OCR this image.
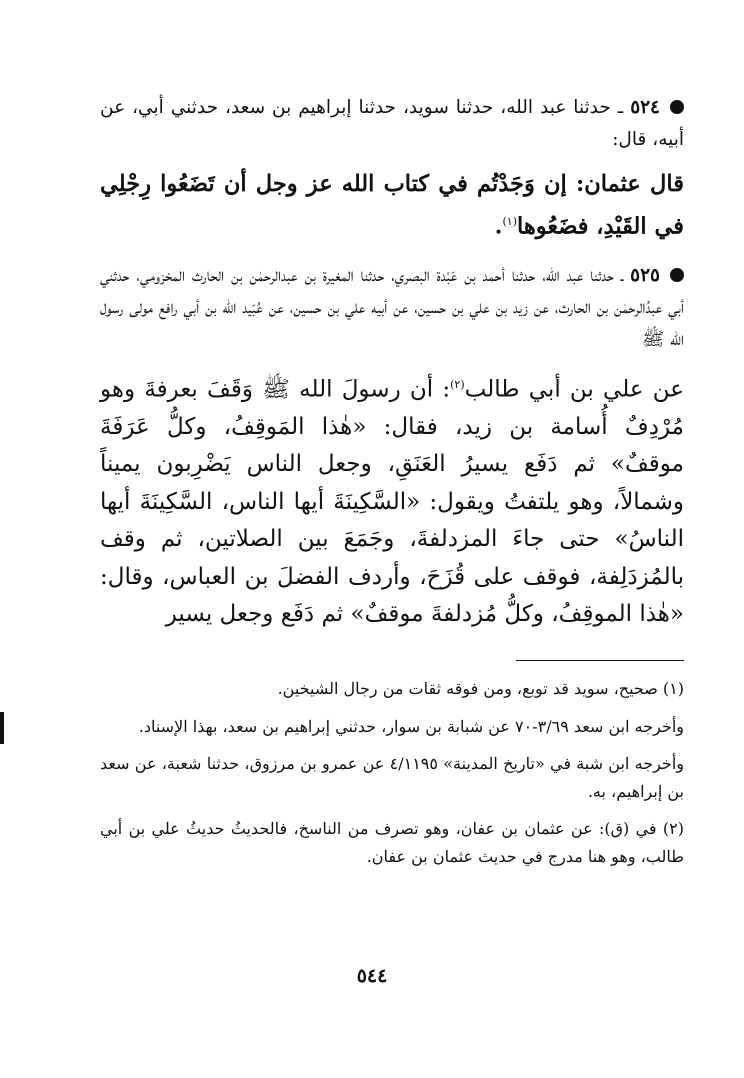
٥٢٤ ـ حدثنا عبد الله، حدثنا سويد، حدثنا إبراهيم بن سعد، حدثني أبي، عن أبيه، قال:

قال عثمان: إن وَجَدْتُم في كتاب الله عز وجل أن تَضَعُوا رِجْلِي في القَيْدِ، فضَعُوها$^{(١)}$.

٥٢٥ ـ حدثنا عبد الله، حدثنا أحمد بن عَبْدة البصري، حدثنا المغيرة بن عبدالرحمٰن بن الحارث المخزومي، حدثني أبي عبدُالرحمٰن بن الحارث، عن زيد بن علي بن حسين، عن أبيه علي بن حسين، عن عُبَيد الله بن أبي رافع مولى رسول الله ﷺ

عن علي بن أبي طالب$^{(٢)}$: أن رسولَ الله ﷺ وَقَفَ بعرفةَ وهو مُرْدِفٌ أُسامة بن زيد، فقال: «هٰذا المَوقِفُ، وكلُّ عَرَفَةَ موقفٌ» ثم دَفَع يسيرُ العَنَقِ، وجعل الناس يَضْرِبون يميناً وشمالاً، وهو يلتفتُ ويقول: «السَّكِينَةَ أيها الناس، السَّكِينَةَ أيها الناسُ» حتى جاءَ المزدلفةَ، وجَمَعَ بين الصلاتين، ثم وقف بالمُزدَلِفة، فوقف على قُزَحَ، وأردف الفضلَ بن العباس، وقال: «هٰذا الموقِفُ، وكلُّ مُزدلفةَ موقفٌ» ثم دَفَع وجعل يسير

(١) صحيح، سويد قد توبع، ومن فوقه ثقات من رجال الشيخين.

وأخرجه ابن سعد ٣/٦٩-٧٠ عن شبابة بن سوار، حدثني إبراهيم بن سعد، بهذا الإسناد.

وأخرجه ابن شبة في «تاريخ المدينة» ٤/١١٩٥ عن عمرو بن مرزوق، حدثنا شعبة، عن سعد بن إبراهيم، به.

(٢) في (ق): عن عثمان بن عفان، وهو تصرف من الناسخ، فالحديثُ حديثُ علي بن أبي طالب، وهو هنا مدرج في حديث عثمان بن عفان.

٥٤٤
